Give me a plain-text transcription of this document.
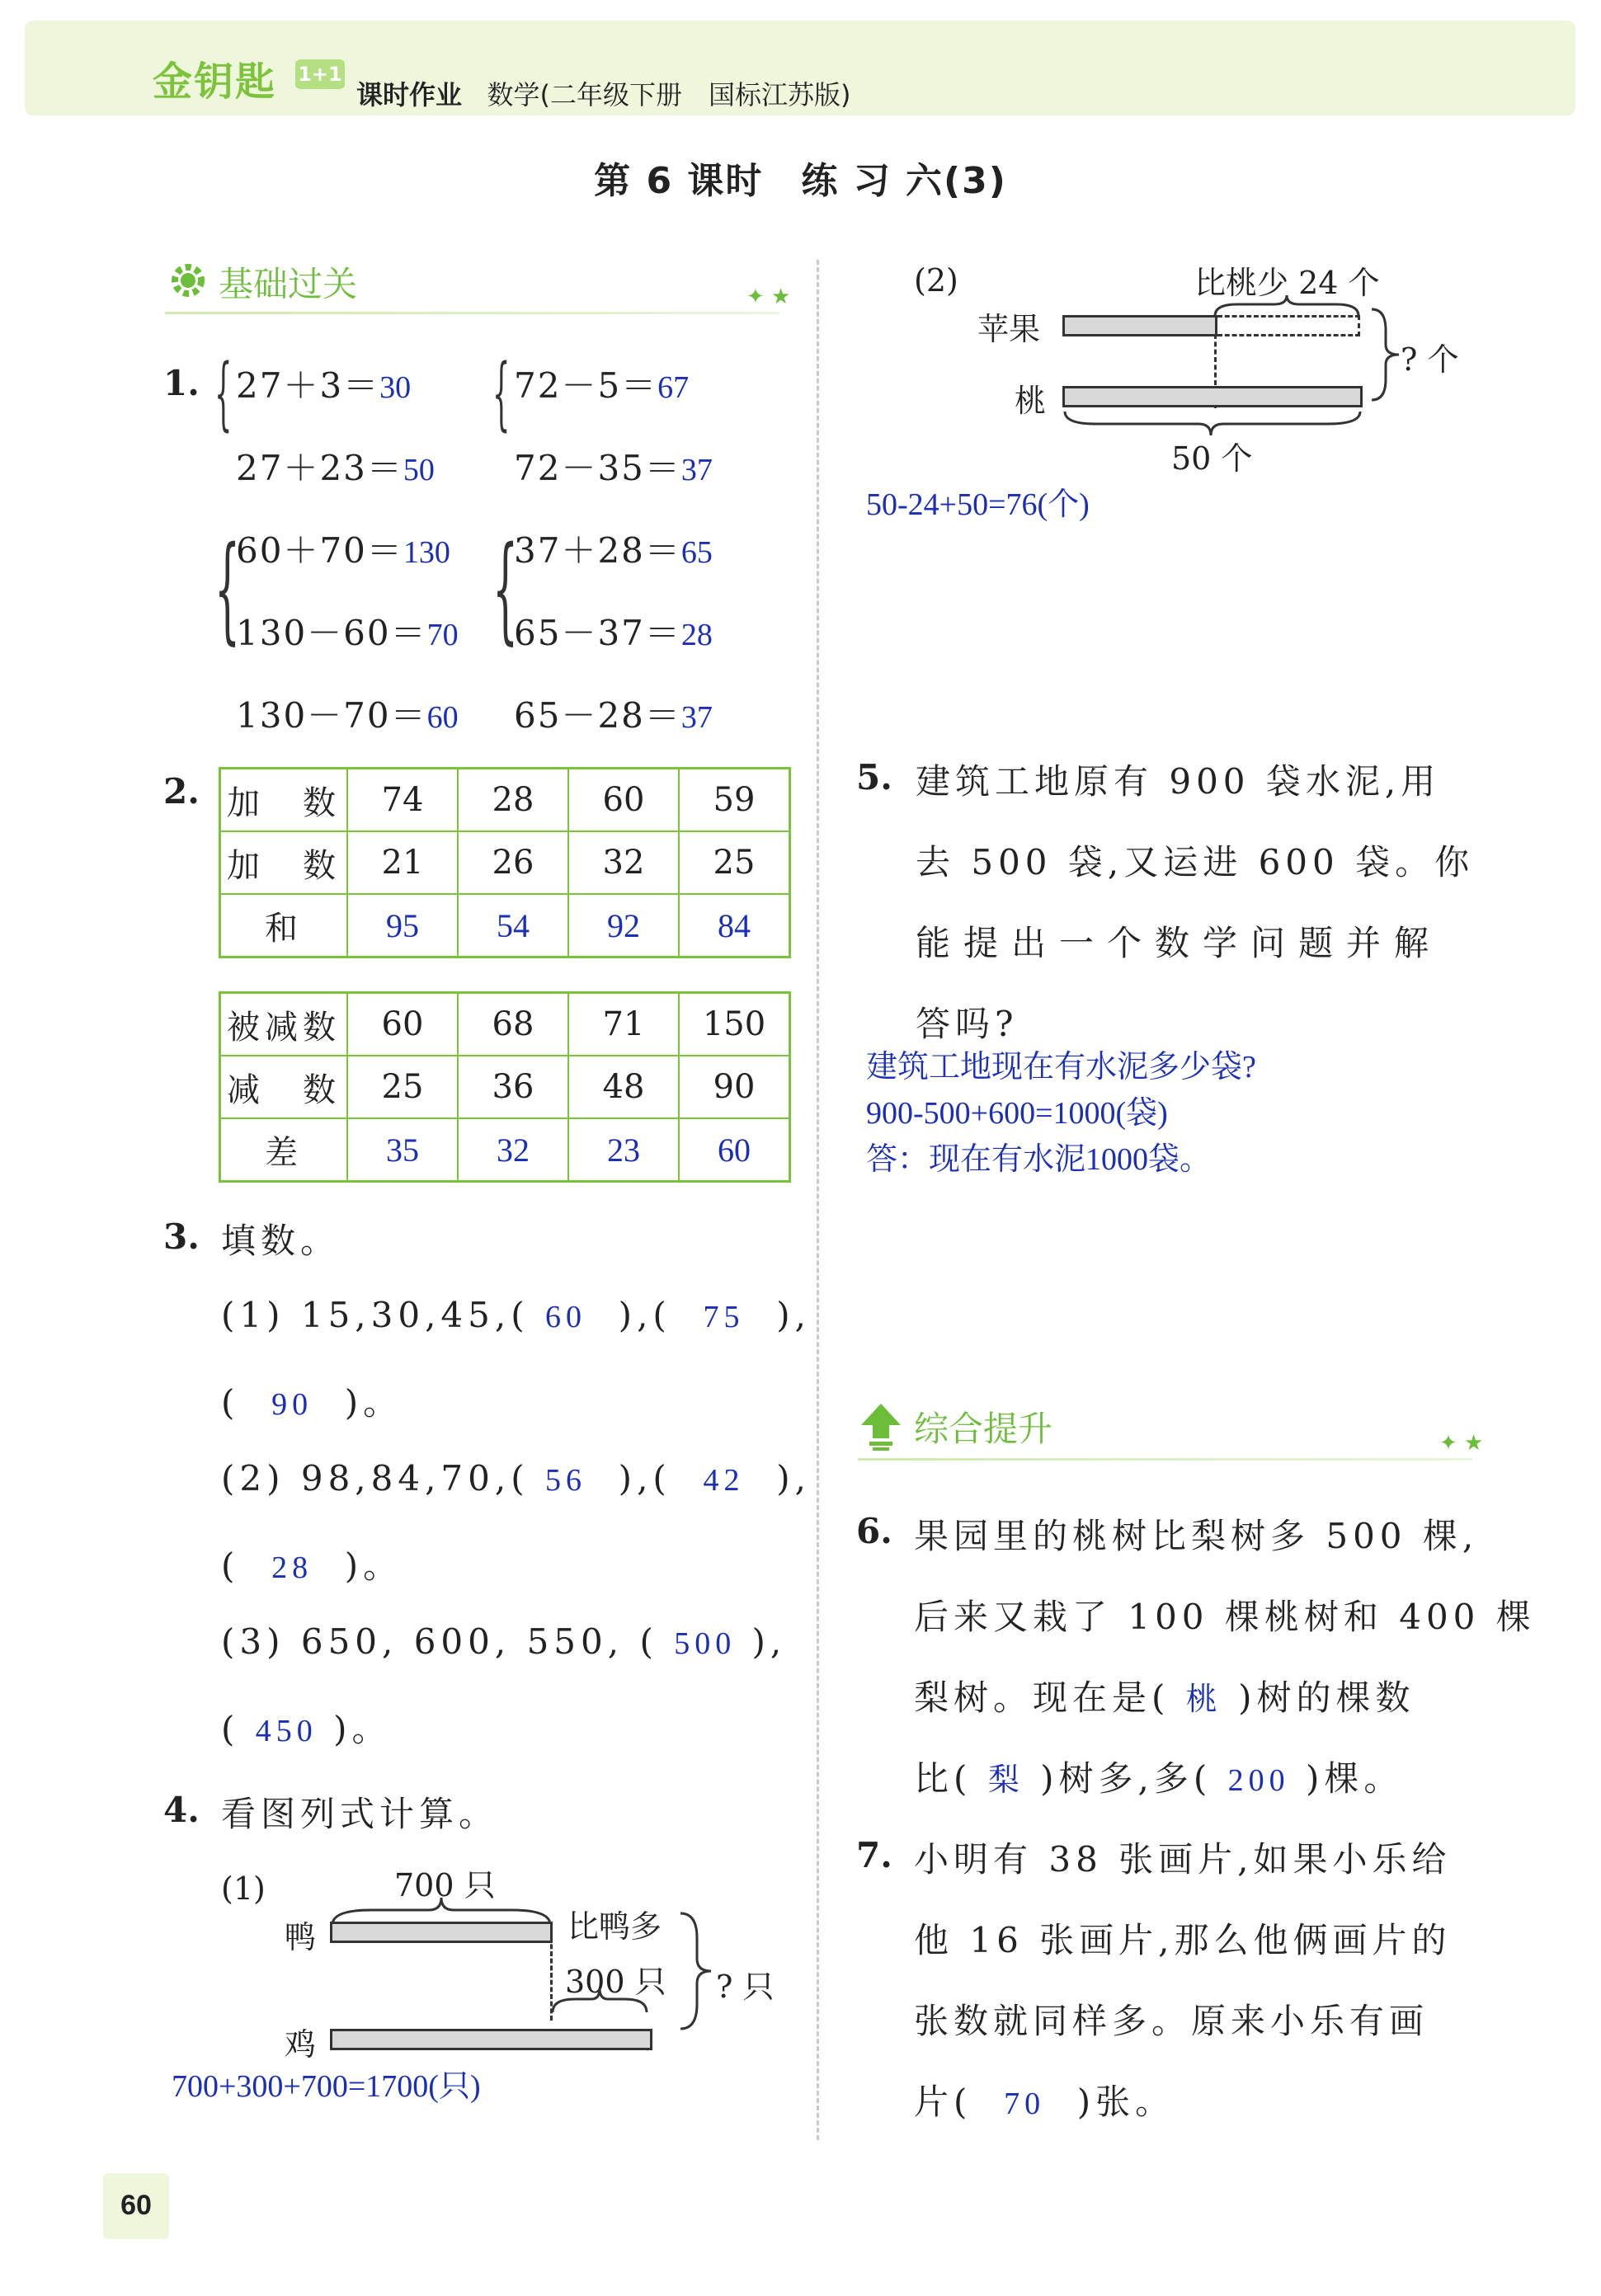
金钥匙 1+1
课时作业 数学(二年级下册　国标江苏版)
第 6 课时　练 习 六(3)
基础过关	✦ ★
1. { 27＋3＝30
27＋23＝50
{ 72－5＝67
72－35＝37
{
60＋70＝130
130－60＝70
130－70＝60
{
37＋28＝65
65－37＝28
65－28＝37
2. 加　数	74	28	60	59
加　数	21	26	32	25
和	95	54	92	84
被减数	60	68	71	150
减　数	25	36	48	90
差	35	32	23	60
3. 填数。
(1) 15,30,45,( 60  ),(  75  ),
(  90  )。
(2) 98,84,70,( 56  ),(  42  ),
(  28  )。
(3) 650, 600, 550, ( 500 ),
( 450 )。
4. 看图列式计算。
(1)	700 只
鸭	比鸭多
300 只 ? 只
鸡
700+300+700=1700(只)
(2)	比桃少 24 个
苹果
? 个
桃
50 个
50-24+50=76(个)
5. 建筑工地原有 900 袋水泥,用
去 500 袋,又运进 600 袋。你
能提出一个数学问题并解
答吗?
建筑工地现在有水泥多少袋?
900-500+600=1000(袋)
答：现在有水泥1000袋。
综合提升	✦ ★
6. 果园里的桃树比梨树多 500 棵,
后来又栽了 100 棵桃树和 400 棵
梨树。现在是( 桃 )树的棵数
比( 梨 )树多,多( 200 )棵。
7. 小明有 38 张画片,如果小乐给
他 16 张画片,那么他俩画片的
张数就同样多。原来小乐有画
片( 70 )张。
60
